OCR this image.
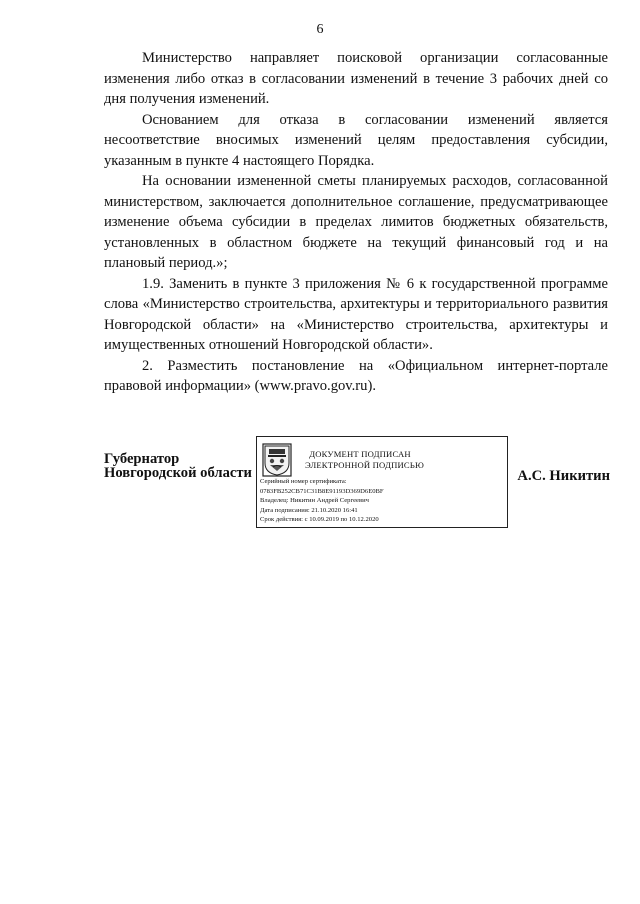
6

Министерство направляет поисковой организации согласованные изменения либо отказ в согласовании изменений в течение 3 рабочих дней со дня получения изменений.

Основанием для отказа в согласовании изменений является несоответствие вносимых изменений целям предоставления субсидии, указанным в пункте 4 настоящего Порядка.

На основании измененной сметы планируемых расходов, согласованной министерством, заключается дополнительное соглашение, предусматривающее изменение объема субсидии в пределах лимитов бюджетных обязательств, установленных в областном бюджете на текущий финансовый год и на плановый период.»;

1.9. Заменить в пункте 3 приложения № 6 к государственной программе слова «Министерство строительства, архитектуры и территориального развития Новгородской области» на «Министерство строительства, архитектуры и имущественных отношений Новгородской области».

2. Разместить постановление на «Официальном интернет-портале правовой информации» (www.pravo.gov.ru).

Губернатор
Новгородской области
ДОКУМЕНТ ПОДПИСАН
ЭЛЕКТРОННОЙ ПОДПИСЬЮ
Серийный номер сертификата:
0783FB252CB71C31B8E91193D369D6E0BF
Владелец: Никитин Андрей Сергеевич
Дата подписания: 21.10.2020 16:41
Срок действия: с 10.09.2019 по 10.12.2020
А.С. Никитин
